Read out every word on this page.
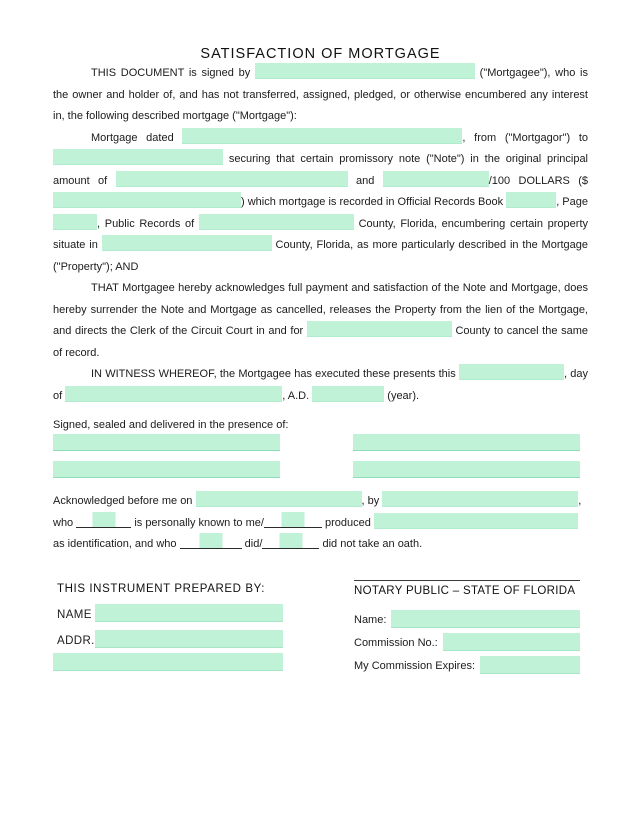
SATISFACTION OF MORTGAGE

THIS DOCUMENT is signed by	("Mortgagee"), who is the owner and holder of, and has not transferred, assigned, pledged, or otherwise encumbered any interest in, the following described mortgage ("Mortgage"):

Mortgage dated	, from ("Mortgagor") to  securing that certain promissory note ("Note") in the original principal amount of	and	/100 DOLLARS ($) which mortgage is recorded in Official Records Book	, Page , Public Records of	County, Florida, encumbering certain property situate in	County, Florida, as more particularly described in the Mortgage ("Property"); AND

THAT Mortgagee hereby acknowledges full payment and satisfaction of the Note and Mortgage, does hereby surrender the Note and Mortgage as cancelled, releases the Property from the lien of the Mortgage, and directs the Clerk of the Circuit Court in and for	County to cancel the same of record.

IN WITNESS WHEREOF, the Mortgagee has executed these presents this	, day of	, A.D.	(year).

Signed, sealed and delivered in the presence of:
Acknowledged before me on	, by	,
who	is personally known to me/	produced
as identification, and who	did/	did not take an oath.
THIS INSTRUMENT PREPARED BY:
NAME
ADDR.
NOTARY PUBLIC – STATE OF FLORIDA
Name:
Commission No.:
My Commission Expires:
